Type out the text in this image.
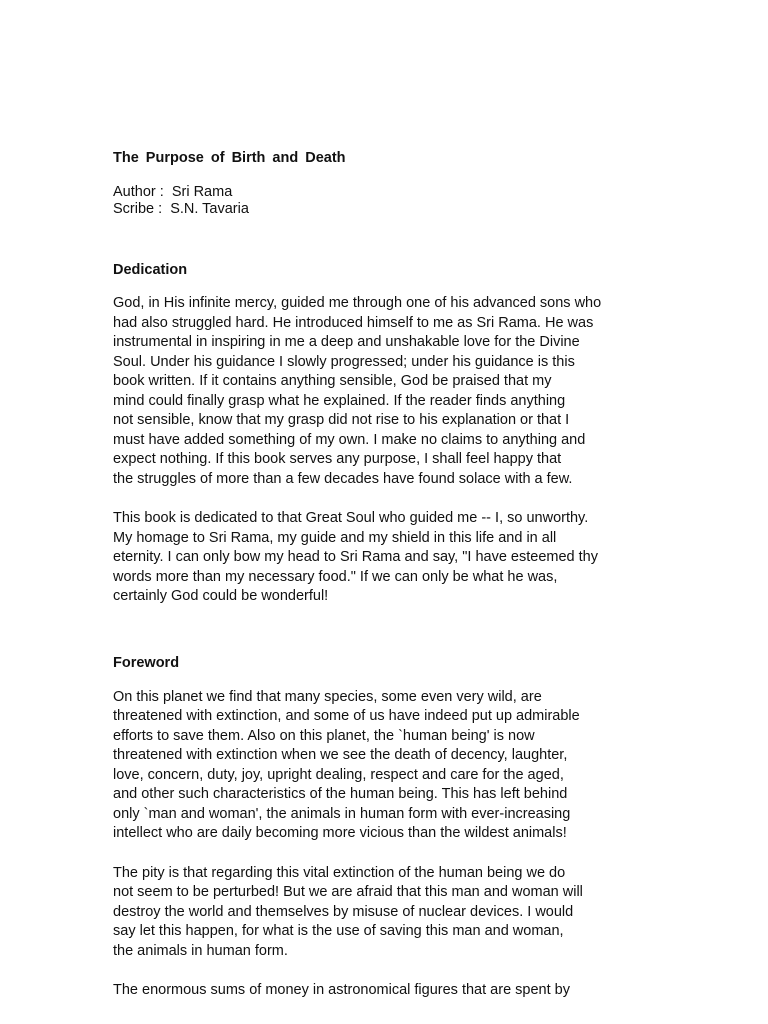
The Purpose of Birth and Death

Author :  Sri Rama

Scribe :  S.N. Tavaria

Dedication

God, in His infinite mercy, guided me through one of his advanced sons who
had also struggled hard. He introduced himself to me as Sri Rama. He was
instrumental in inspiring in me a deep and unshakable love for the Divine
Soul. Under his guidance I slowly progressed; under his guidance is this
book written. If it contains anything sensible, God be praised that my
mind could finally grasp what he explained. If the reader finds anything
not sensible, know that my grasp did not rise to his explanation or that I
must have added something of my own. I make no claims to anything and
expect nothing. If this book serves any purpose, I shall feel happy that
the struggles of more than a few decades have found solace with a few.

This book is dedicated to that Great Soul who guided me -- I, so unworthy.
My homage to Sri Rama, my guide and my shield in this life and in all
eternity. I can only bow my head to Sri Rama and say, "I have esteemed thy
words more than my necessary food." If we can only be what he was,
certainly God could be wonderful!

Foreword

On this planet we find that many species, some even very wild, are
threatened with extinction, and some of us have indeed put up admirable
efforts to save them. Also on this planet, the `human being' is now
threatened with extinction when we see the death of decency, laughter,
love, concern, duty, joy, upright dealing, respect and care for the aged,
and other such characteristics of the human being. This has left behind
only `man and woman', the animals in human form with ever-increasing
intellect who are daily becoming more vicious than the wildest animals!

The pity is that regarding this vital extinction of the human being we do
not seem to be perturbed! But we are afraid that this man and woman will
destroy the world and themselves by misuse of nuclear devices. I would
say let this happen, for what is the use of saving this man and woman,
the animals in human form.

The enormous sums of money in astronomical figures that are spent by
